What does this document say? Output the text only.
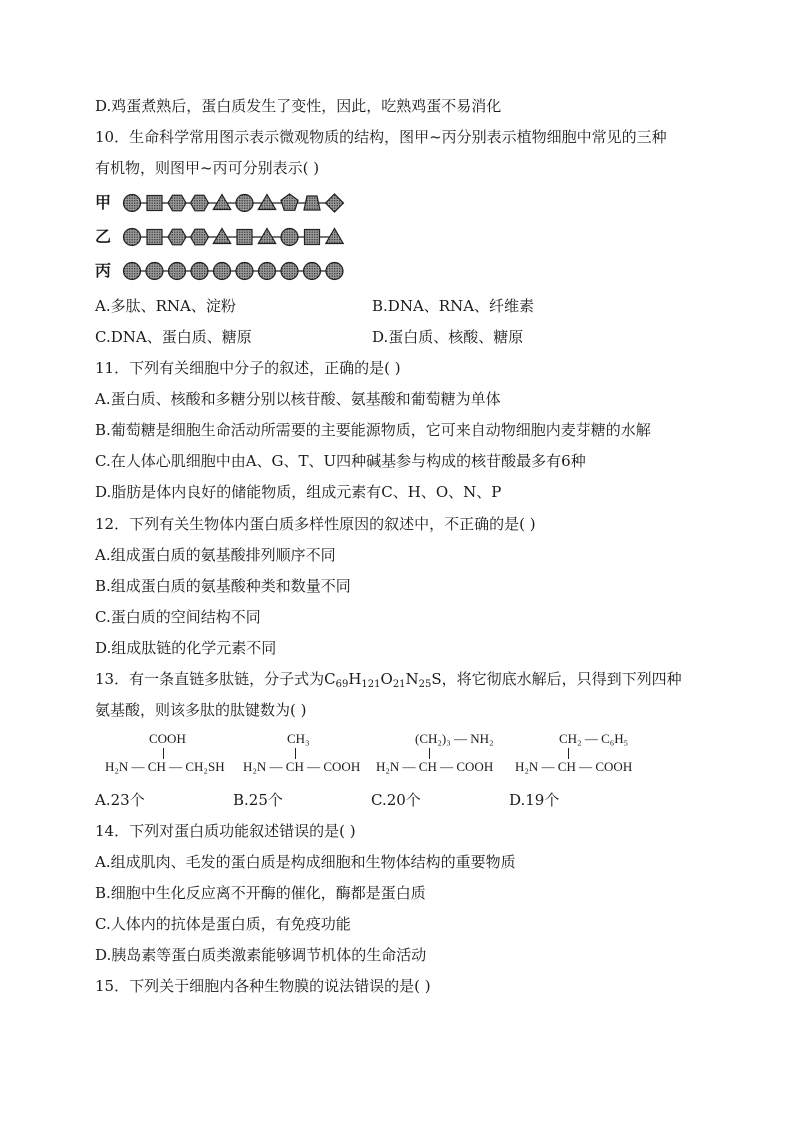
D.鸡蛋煮熟后，蛋白质发生了变性，因此，吃熟鸡蛋不易消化
10．生命科学常用图示表示微观物质的结构，图甲~丙分别表示植物细胞中常见的三种
有机物，则图甲~丙可分别表示( )
甲
乙
丙
A.多肽、RNA、淀粉	B.DNA、RNA、纤维素
C.DNA、蛋白质、糖原	D.蛋白质、核酸、糖原
11．下列有关细胞中分子的叙述，正确的是( )
A.蛋白质、核酸和多糖分别以核苷酸、氨基酸和葡萄糖为单体
B.葡萄糖是细胞生命活动所需要的主要能源物质，它可来自动物细胞内麦芽糖的水解
C.在人体心肌细胞中由A、G、T、U四种碱基参与构成的核苷酸最多有6种
D.脂肪是体内良好的储能物质，组成元素有C、H、O、N、P
12．下列有关生物体内蛋白质多样性原因的叙述中，不正确的是( )
A.组成蛋白质的氨基酸排列顺序不同
B.组成蛋白质的氨基酸种类和数量不同
C.蛋白质的空间结构不同
D.组成肽链的化学元素不同
13．有一条直链多肽链，分子式为$C_{69}H_{121}O_{21}N_{25}S$，将它彻底水解后，只得到下列四种
氨基酸，则该多肽的肽键数为( )
COOH
H₂N — CH — CH₂SH
CH₃
H₂N — CH — COOH
(CH₂)₃ — NH₂
H₂N — CH — COOH
CH₂ — C₆H₅
H₂N — CH — COOH
A.23个	B.25个	C.20个	D.19个
14．下列对蛋白质功能叙述错误的是( )
A.组成肌肉、毛发的蛋白质是构成细胞和生物体结构的重要物质
B.细胞中生化反应离不开酶的催化，酶都是蛋白质
C.人体内的抗体是蛋白质，有免疫功能
D.胰岛素等蛋白质类激素能够调节机体的生命活动
15．下列关于细胞内各种生物膜的说法错误的是( )
